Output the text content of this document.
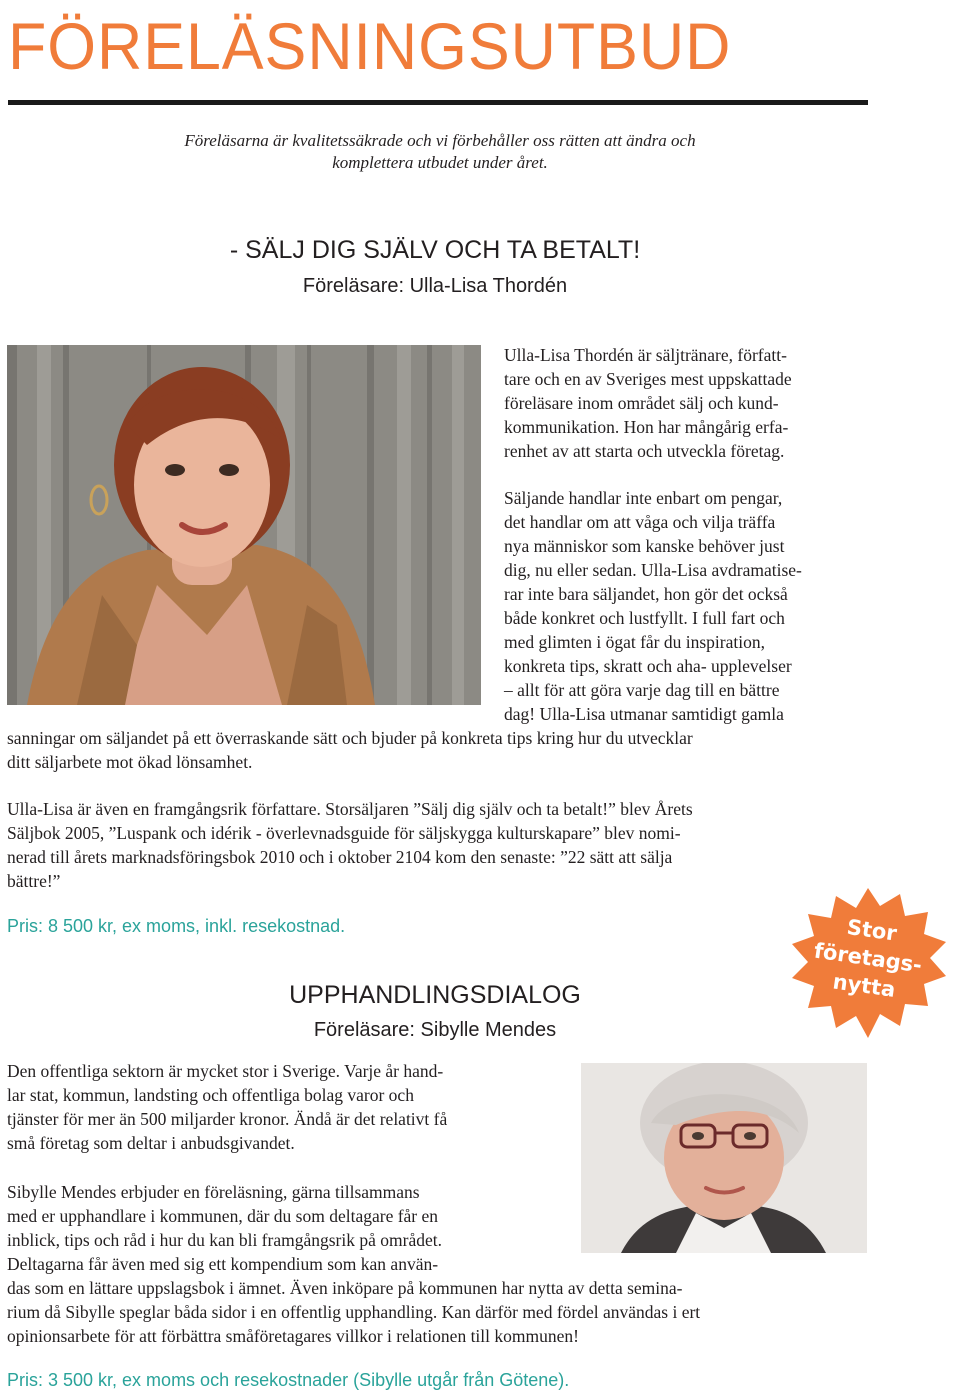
FÖRELÄSNINGSUTBUD
Föreläsarna är kvalitetssäkrade och vi förbehåller oss rätten att ändra och
komplettera utbudet under året.
- SÄLJ DIG SJÄLV OCH TA BETALT!
Föreläsare: Ulla-Lisa Thordén
Ulla-Lisa Thordén är säljtränare, författ-
tare och en av Sveriges mest uppskattade
föreläsare inom området sälj och kund-
kommunikation. Hon har mångårig erfa-
renhet av att starta och utveckla företag.
Säljande handlar inte enbart om pengar,
det handlar om att våga och vilja träffa
nya människor som kanske behöver just
dig, nu eller sedan. Ulla-Lisa avdramatise-
rar inte bara säljandet, hon gör det också
både konkret och lustfyllt. I full fart och
med glimten i ögat får du inspiration,
konkreta tips, skratt och aha- upplevelser
– allt för att göra varje dag till en bättre
dag! Ulla-Lisa utmanar samtidigt gamla
sanningar om säljandet på ett överraskande sätt och bjuder på konkreta tips kring hur du utvecklar
ditt säljarbete mot ökad lönsamhet.
Ulla-Lisa är även en framgångsrik författare. Storsäljaren ”Sälj dig själv och ta betalt!” blev Årets
Säljbok 2005, ”Luspank och idérik - överlevnadsguide för säljskygga kulturskapare” blev nomi-
nerad till årets marknadsföringsbok 2010 och i oktober 2104 kom den senaste: ”22 sätt att sälja
bättre!”
Pris: 8 500 kr, ex moms, inkl. resekostnad.	Stor
företags-
nytta
UPPHANDLINGSDIALOG
Föreläsare: Sibylle Mendes
Den offentliga sektorn är mycket stor i Sverige. Varje år hand-
lar stat, kommun, landsting och offentliga bolag varor och
tjänster för mer än 500 miljarder kronor. Ändå är det relativt få
små företag som deltar i anbudsgivandet.
Sibylle Mendes erbjuder en föreläsning, gärna tillsammans
med er upphandlare i kommunen, där du som deltagare får en
inblick, tips och råd i hur du kan bli framgångsrik på området.
Deltagarna får även med sig ett kompendium som kan använ-
das som en lättare uppslagsbok i ämnet. Även inköpare på kommunen har nytta av detta semina-
rium då Sibylle speglar båda sidor i en offentlig upphandling. Kan därför med fördel användas i ert
opinionsarbete för att förbättra småföretagares villkor i relationen till kommunen!
Pris: 3 500 kr, ex moms och resekostnader (Sibylle utgår från Götene).
